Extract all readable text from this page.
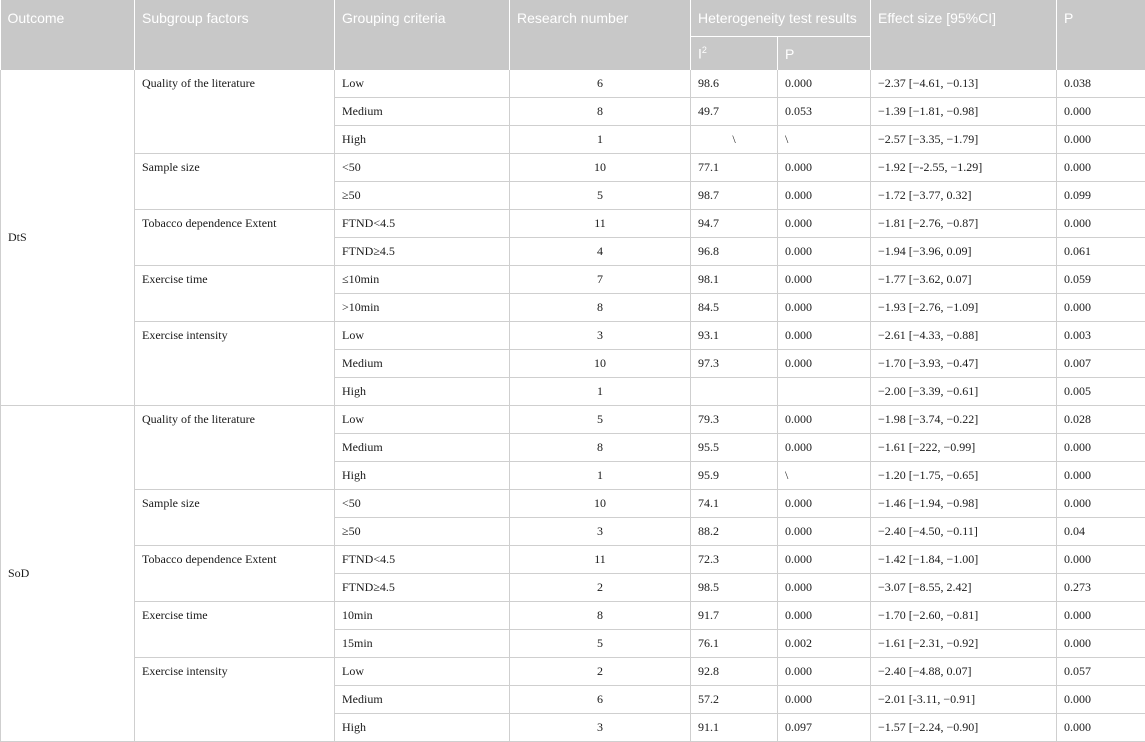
Outcome	Subgroup factors	Grouping criteria	Research number	Heterogeneity test results		Effect size [95%CI]	P
				$I^2$	P		
DtS	Quality of the literature	Low	6	98.6	0.000	−2.37 [−4.61, −0.13]	0.038
		Medium	8	49.7	0.053	−1.39 [−1.81, −0.98]	0.000
		High	1	\	\	−2.57 [−3.35, −1.79]	0.000
	Sample size	<50	10	77.1	0.000	−1.92 [−-2.55, −1.29]	0.000
		≥50	5	98.7	0.000	−1.72 [−3.77, 0.32]	0.099
	Tobacco dependence Extent	FTND<4.5	11	94.7	0.000	−1.81 [−2.76, −0.87]	0.000
		FTND≥4.5	4	96.8	0.000	−1.94 [−3.96, 0.09]	0.061
	Exercise time	≤10min	7	98.1	0.000	−1.77 [−3.62, 0.07]	0.059
		>10min	8	84.5	0.000	−1.93 [−2.76, −1.09]	0.000
	Exercise intensity	Low	3	93.1	0.000	−2.61 [−4.33, −0.88]	0.003
		Medium	10	97.3	0.000	−1.70 [−3.93, −0.47]	0.007
		High	1			−2.00 [−3.39, −0.61]	0.005
SoD	Quality of the literature	Low	5	79.3	0.000	−1.98 [−3.74, −0.22]	0.028
		Medium	8	95.5	0.000	−1.61 [−222, −0.99]	0.000
		High	1	95.9	\	−1.20 [−1.75, −0.65]	0.000
	Sample size	<50	10	74.1	0.000	−1.46 [−1.94, −0.98]	0.000
		≥50	3	88.2	0.000	−2.40 [−4.50, −0.11]	0.04
	Tobacco dependence Extent	FTND<4.5	11	72.3	0.000	−1.42 [−1.84, −1.00]	0.000
		FTND≥4.5	2	98.5	0.000	−3.07 [−8.55, 2.42]	0.273
	Exercise time	10min	8	91.7	0.000	−1.70 [−2.60, −0.81]	0.000
		15min	5	76.1	0.002	−1.61 [−2.31, −0.92]	0.000
	Exercise intensity	Low	2	92.8	0.000	−2.40 [−4.88, 0.07]	0.057
		Medium	6	57.2	0.000	−2.01 [-3.11, −0.91]	0.000
		High	3	91.1	0.097	−1.57 [−2.24, −0.90]	0.000
